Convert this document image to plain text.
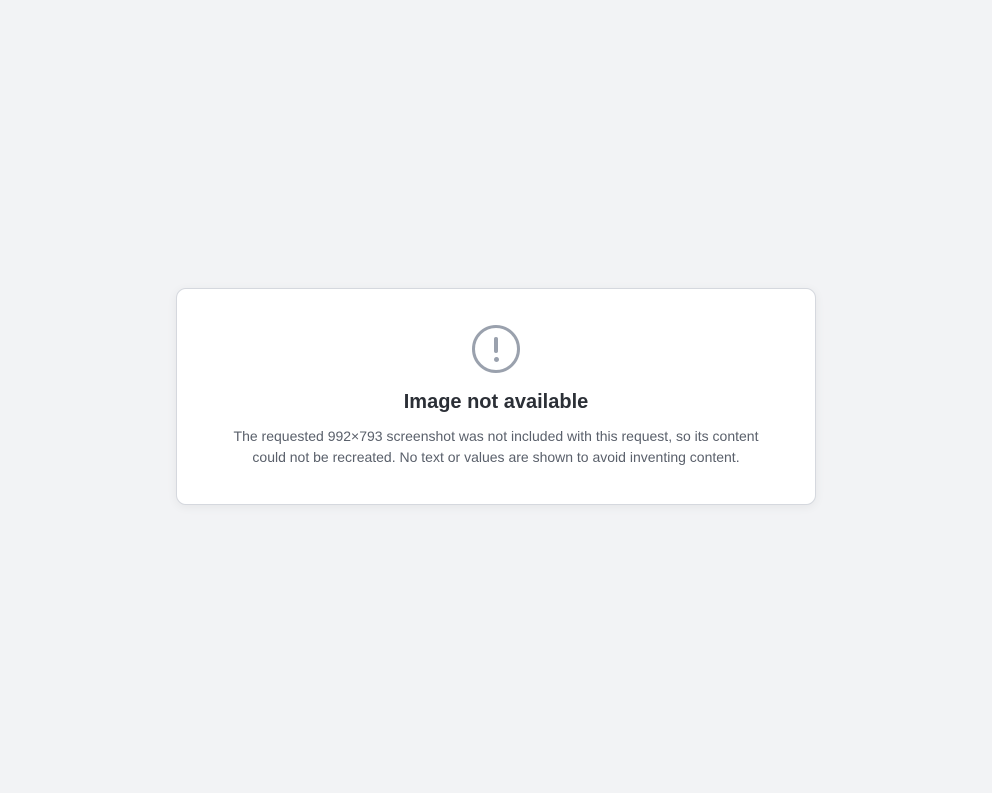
Image not available

The requested 992×793 screenshot was not included with this request, so its content could not be recreated. No text or values are shown to avoid inventing content.
